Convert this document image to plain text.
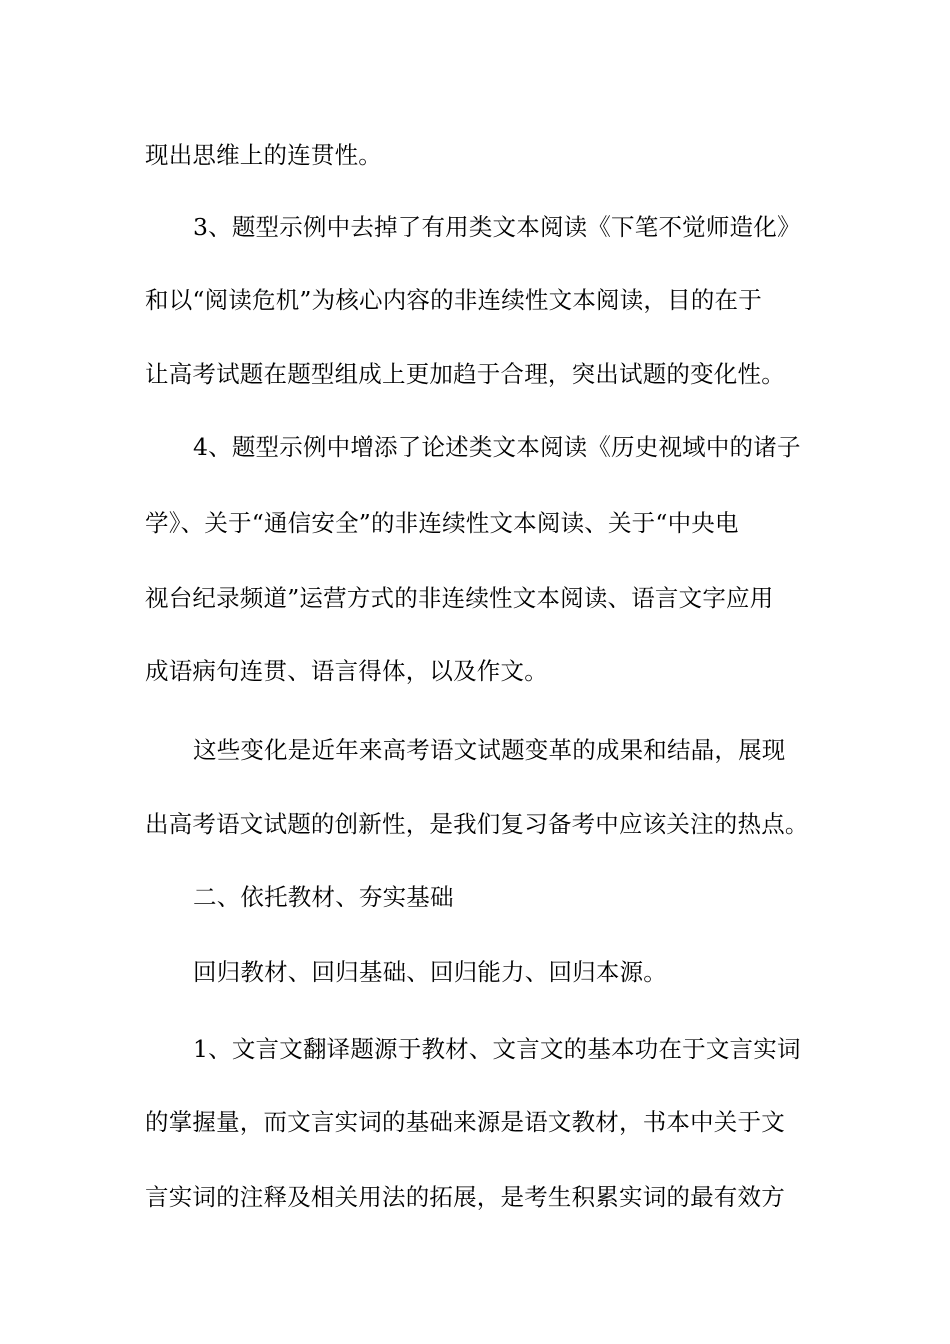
现出思维上的连贯性。
3、题型示例中去掉了有用类文本阅读《下笔不觉师造化》
和以“阅读危机”为核心内容的非连续性文本阅读，目的在于
让高考试题在题型组成上更加趋于合理，突出试题的变化性。
4、题型示例中增添了论述类文本阅读《历史视域中的诸子
学》、关于“通信安全”的非连续性文本阅读、关于“中央电
视台纪录频道”运营方式的非连续性文本阅读、语言文字应用
成语病句连贯、语言得体，以及作文。
这些变化是近年来高考语文试题变革的成果和结晶，展现
出高考语文试题的创新性，是我们复习备考中应该关注的热点。
二、依托教材、夯实基础
回归教材、回归基础、回归能力、回归本源。
1、文言文翻译题源于教材、文言文的基本功在于文言实词
的掌握量，而文言实词的基础来源是语文教材，书本中关于文
言实词的注释及相关用法的拓展，是考生积累实词的最有效方
